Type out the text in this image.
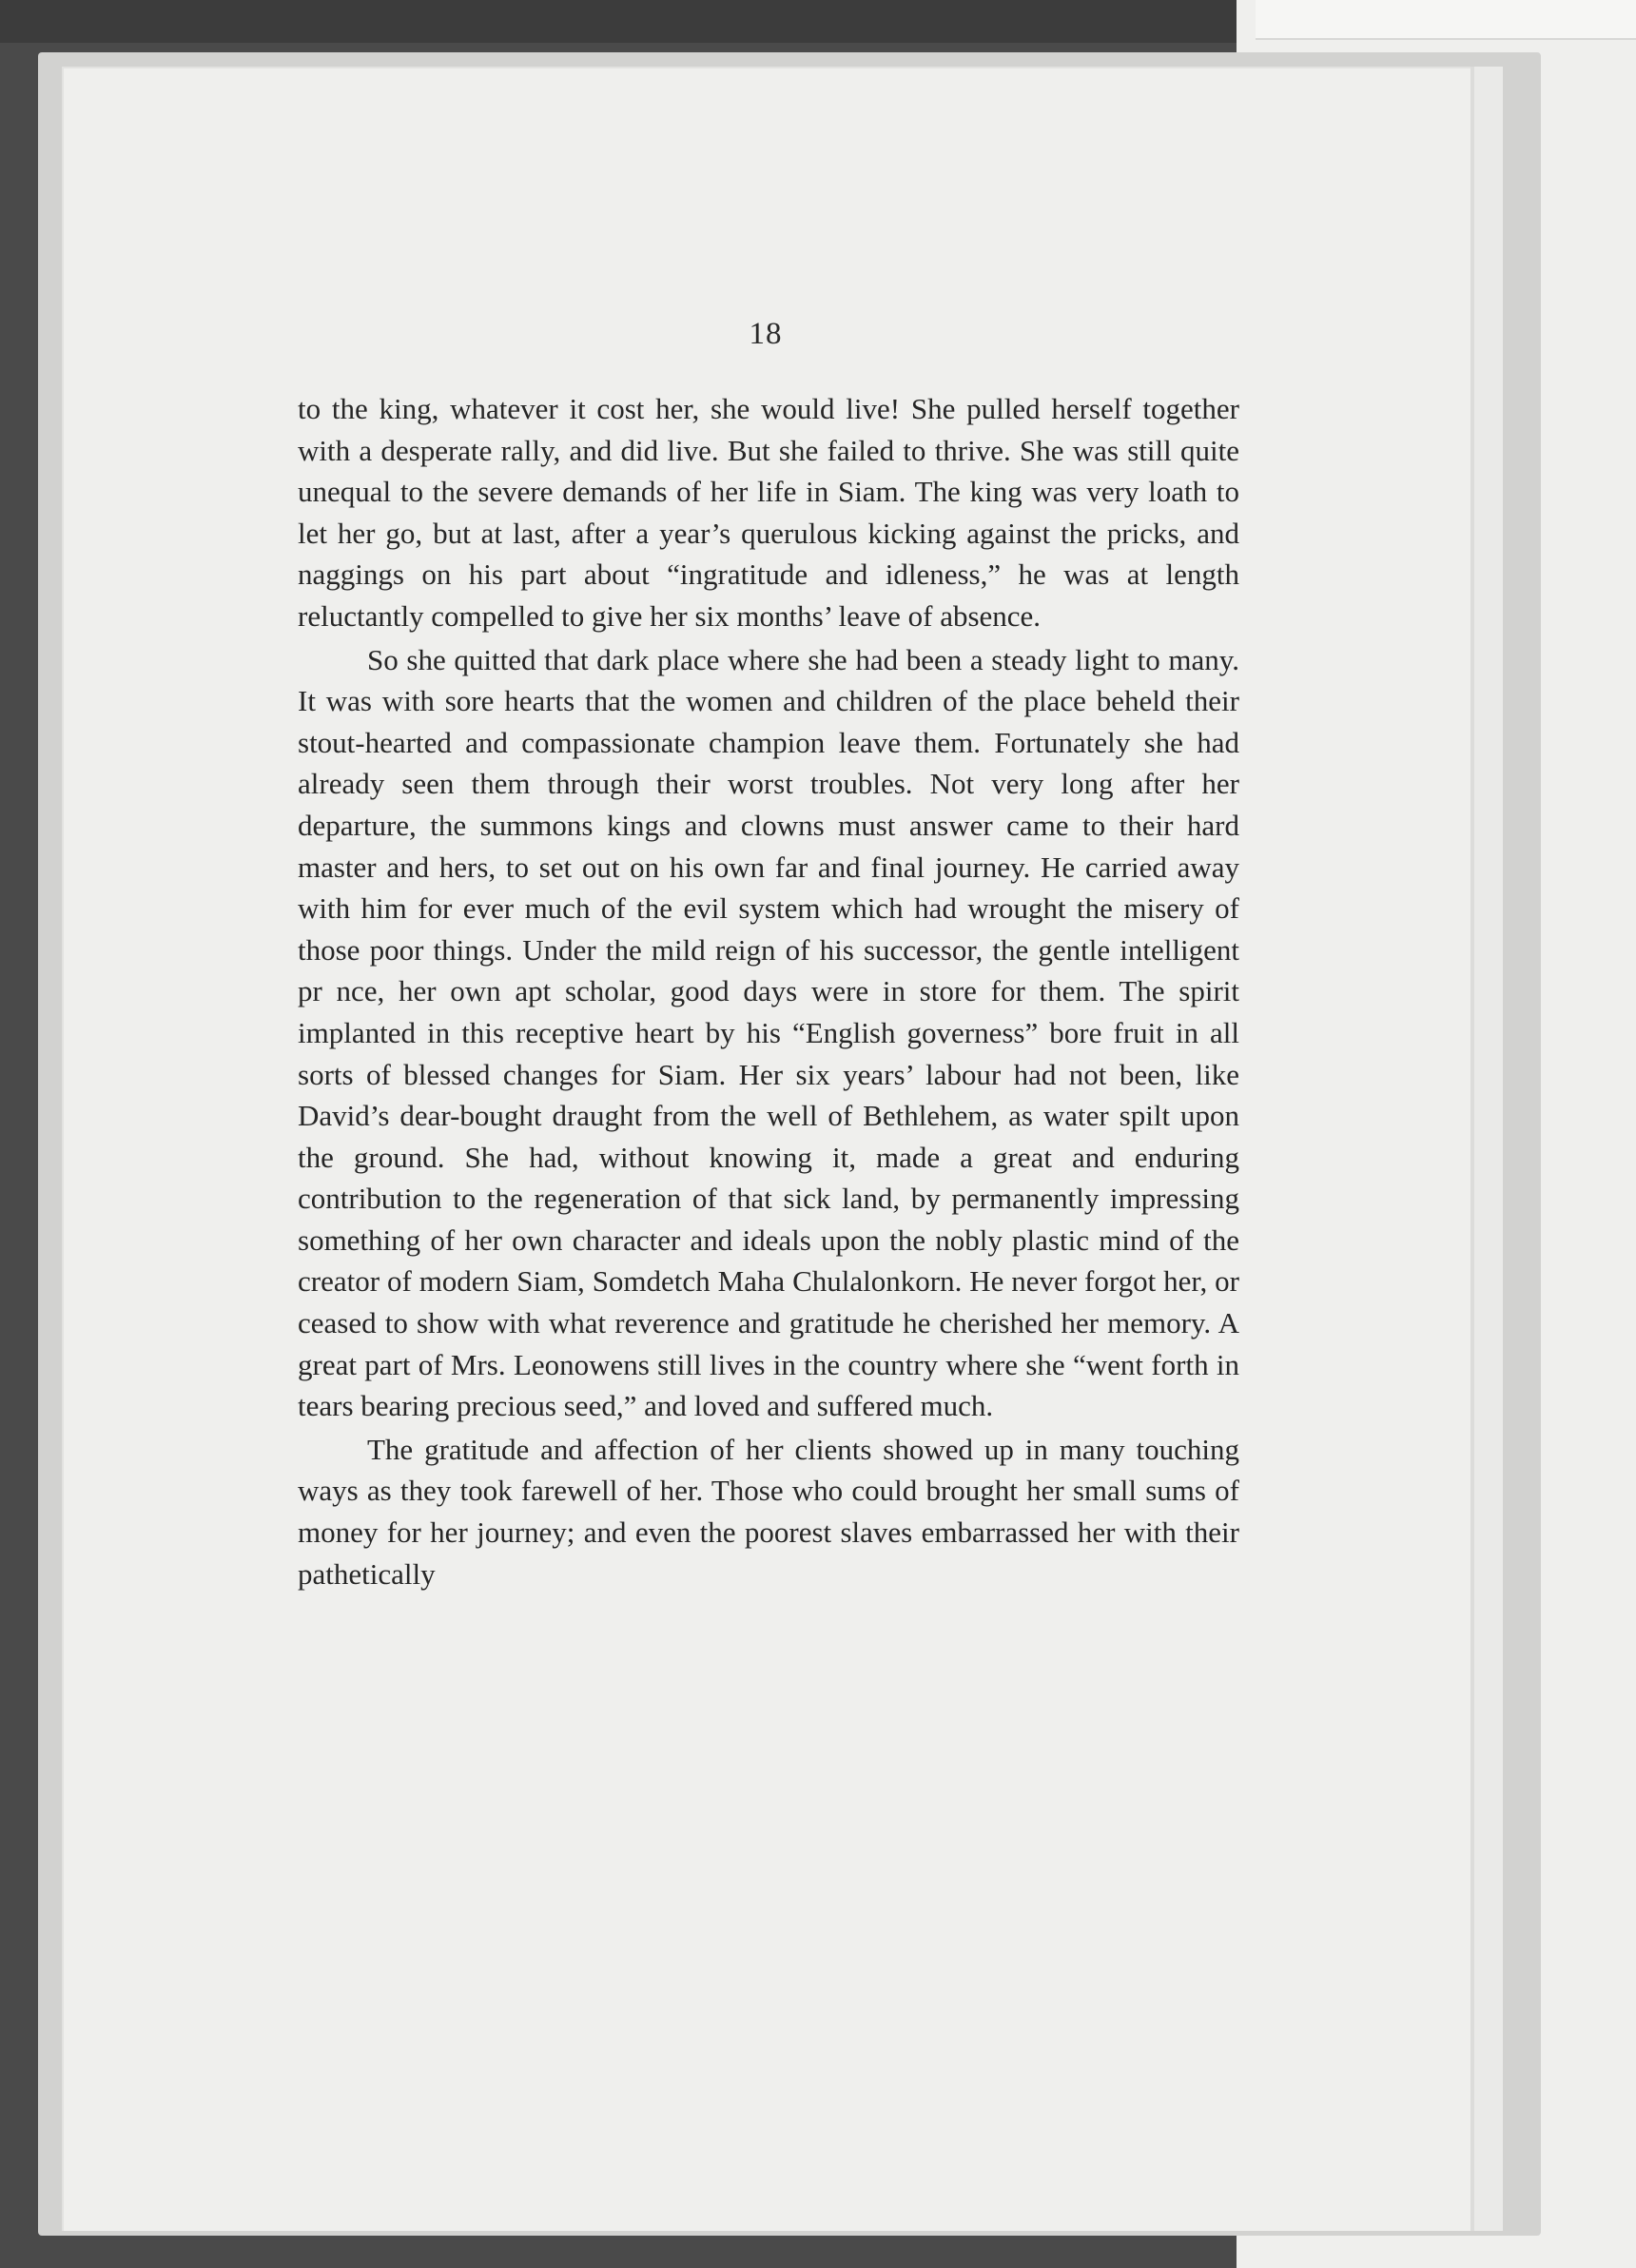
18

to the king, whatever it cost her, she would live! She pulled herself together with a desperate rally, and did live. But she failed to thrive. She was still quite unequal to the severe demands of her life in Siam. The king was very loath to let her go, but at last, after a year’s querulous kicking against the pricks, and naggings on his part about “ingratitude and idleness,” he was at length reluctantly compelled to give her six months’ leave of absence.

So she quitted that dark place where she had been a steady light to many. It was with sore hearts that the women and children of the place beheld their stout-hearted and compassionate champion leave them. Fortunately she had already seen them through their worst troubles. Not very long after her departure, the summons kings and clowns must answer came to their hard master and hers, to set out on his own far and final journey. He carried away with him for ever much of the evil system which had wrought the misery of those poor things. Under the mild reign of his successor, the gentle intelligent pr nce, her own apt scholar, good days were in store for them. The spirit implanted in this receptive heart by his “English governess” bore fruit in all sorts of blessed changes for Siam. Her six years’ labour had not been, like David’s dear-bought draught from the well of Bethlehem, as water spilt upon the ground. She had, without knowing it, made a great and enduring contribution to the regeneration of that sick land, by permanently impressing something of her own character and ideals upon the nobly plastic mind of the creator of modern Siam, Somdetch Maha Chulalonkorn. He never forgot her, or ceased to show with what reverence and gratitude he cherished her memory. A great part of Mrs. Leonowens still lives in the country where she “went forth in tears bearing precious seed,” and loved and suffered much.

The gratitude and affection of her clients showed up in many touching ways as they took farewell of her. Those who could brought her small sums of money for her journey; and even the poorest slaves embarrassed her with their pathetically
